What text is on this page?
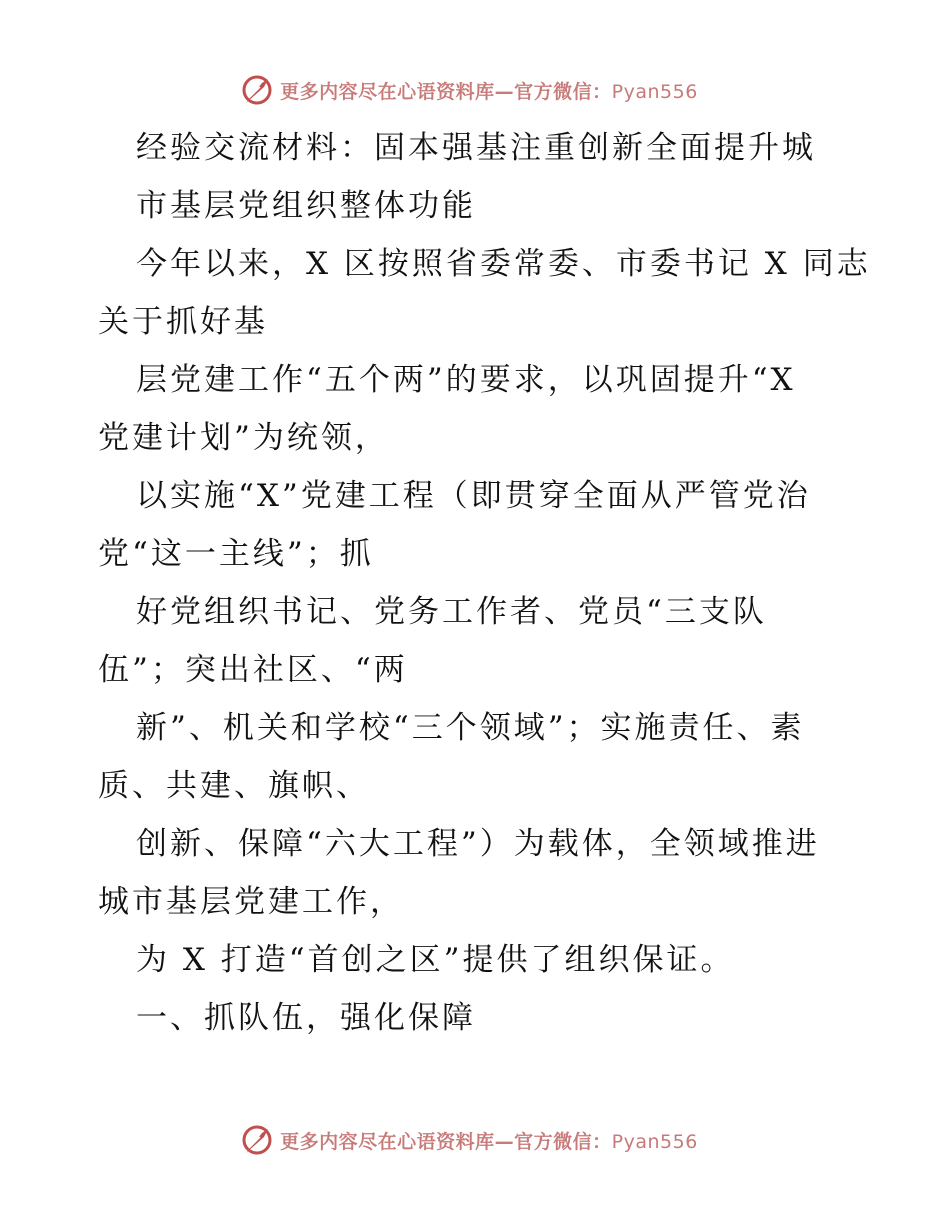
更多内容尽在心语资料库—官方微信：Pyan556
经验交流材料：固本强基注重创新全面提升城
市基层党组织整体功能
今年以来，X 区按照省委常委、市委书记 X 同志
关于抓好基
层党建工作“五个两”的要求，以巩固提升“X
党建计划”为统领，
以实施“X”党建工程（即贯穿全面从严管党治
党“这一主线”；抓
好党组织书记、党务工作者、党员“三支队
伍”；突出社区、“两
新”、机关和学校“三个领域”；实施责任、素
质、共建、旗帜、
创新、保障“六大工程”）为载体，全领域推进
城市基层党建工作，
为 X 打造“首创之区”提供了组织保证。
一、抓队伍，强化保障
更多内容尽在心语资料库—官方微信：Pyan556
